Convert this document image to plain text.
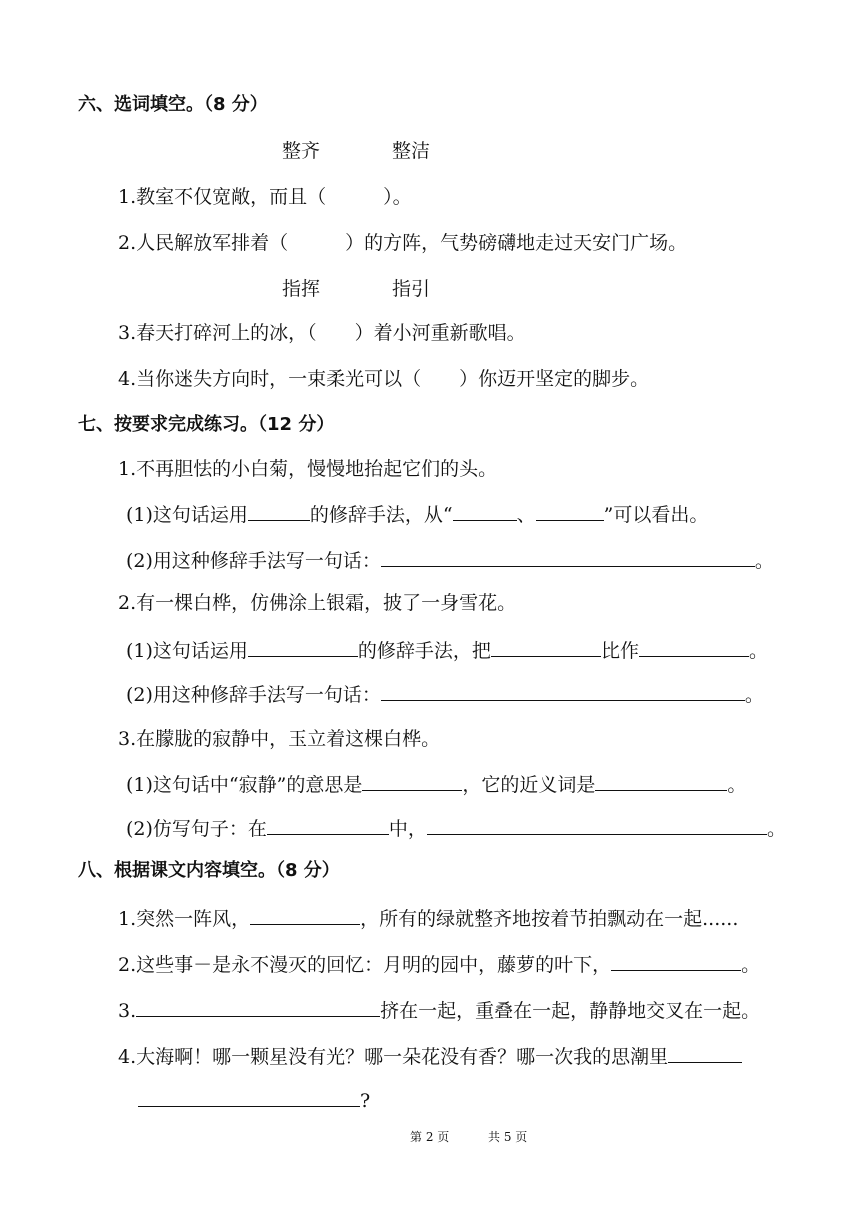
六、选词填空。（8 分）
整齐	整洁
1.教室不仅宽敞，而且（　　　）。
2.人民解放军排着（　　　）的方阵，气势磅礴地走过天安门广场。
指挥	指引
3.春天打碎河上的冰，（　　）着小河重新歌唱。
4.当你迷失方向时，一束柔光可以（　　）你迈开坚定的脚步。
七、按要求完成练习。（12 分）
1.不再胆怯的小白菊，慢慢地抬起它们的头。
(1)这句话运用	的修辞手法，从“	、	”可以看出。
(2)用这种修辞手法写一句话：	。
2.有一棵白桦，仿佛涂上银霜，披了一身雪花。
(1)这句话运用	的修辞手法，把	比作	。
(2)用这种修辞手法写一句话：	。
3.在朦胧的寂静中，玉立着这棵白桦。
(1)这句话中“寂静”的意思是	，它的近义词是	。
(2)仿写句子：在	中，	。
八、根据课文内容填空。（8 分）
1.突然一阵风，	，所有的绿就整齐地按着节拍飘动在一起......
2.这些事－是永不漫灭的回忆：月明的园中，藤萝的叶下，	。
3.	挤在一起，重叠在一起，静静地交叉在一起。
4.大海啊！哪一颗星没有光？哪一朵花没有香？哪一次我的思潮里
?
第 2 页	共 5 页
